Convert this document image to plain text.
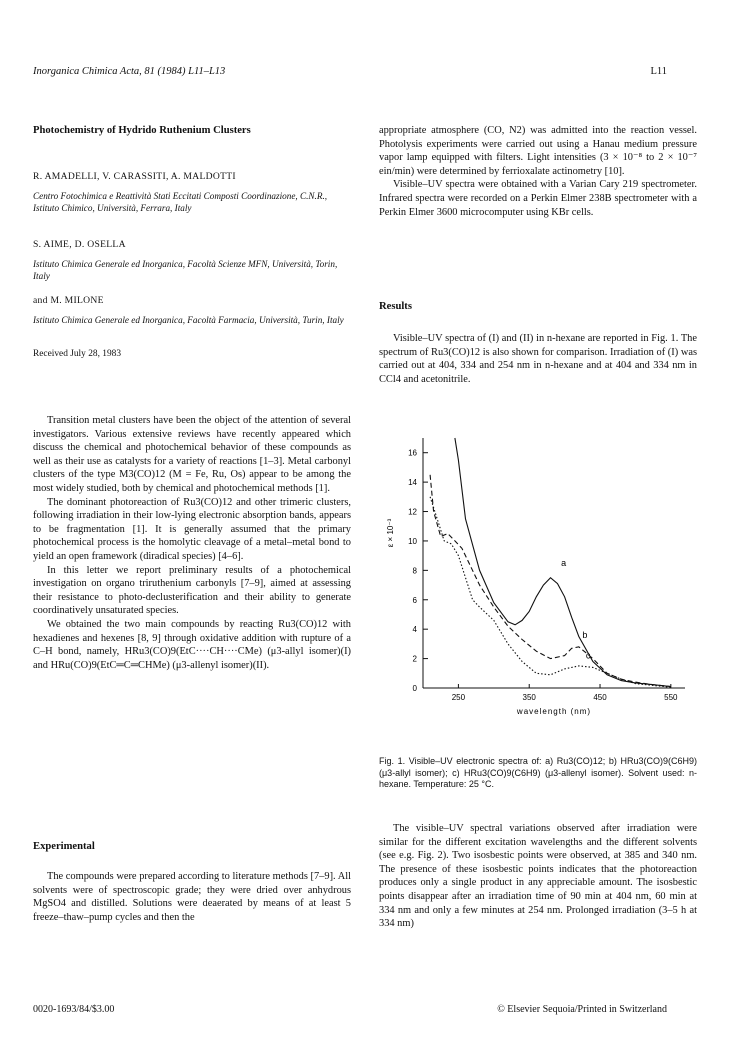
Inorganica Chimica Acta, 81 (1984) L11–L13	L11
Photochemistry of Hydrido Ruthenium Clusters
R. AMADELLI, V. CARASSITI, A. MALDOTTI
Centro Fotochimica e Reattività Stati Eccitati Composti Coordinazione, C.N.R., Istituto Chimico, Università, Ferrara, Italy
S. AIME, D. OSELLA
Istituto Chimica Generale ed Inorganica, Facoltà Scienze MFN, Università, Torin, Italy
and M. MILONE
Istituto Chimica Generale ed Inorganica, Facoltà Farmacia, Università, Turin, Italy
Received July 28, 1983

Transition metal clusters have been the object of the attention of several investigators. Various extensive reviews have recently appeared which discuss the chemical and photochemical behavior of these compounds as well as their use as catalysts for a variety of reactions [1–3]. Metal carbonyl clusters of the type M3(CO)12 (M = Fe, Ru, Os) appear to be among the most widely studied, both by chemical and photochemical methods [1].

The dominant photoreaction of Ru3(CO)12 and other trimeric clusters, following irradiation in their low-lying electronic absorption bands, appears to be fragmentation [1]. It is generally assumed that the primary photochemical process is the homolytic cleavage of a metal–metal bond to yield an open framework (diradical species) [4–6].

In this letter we report preliminary results of a photochemical investigation on organo triruthenium carbonyls [7–9], aimed at assessing their resistance to photo-declusterification and their ability to generate coordinatively unsaturated species.

We obtained the two main compounds by reacting Ru3(CO)12 with hexadienes and hexenes [8, 9] through oxidative addition with rupture of a C–H bond, namely, HRu3(CO)9(EtC····CH····CMe) (μ3-allyl isomer)(I) and HRu(CO)9(EtC═C═CHMe) (μ3-allenyl isomer)(II).

Experimental

The compounds were prepared according to literature methods [7–9]. All solvents were of spectroscopic grade; they were dried over anhydrous MgSO4 and distilled. Solutions were deaerated by means of at least 5 freeze–thaw–pump cycles and then the

appropriate atmosphere (CO, N2) was admitted into the reaction vessel. Photolysis experiments were carried out using a Hanau medium pressure vapor lamp equipped with filters. Light intensities (3 × 10⁻⁸ to 2 × 10⁻⁷ ein/min) were determined by ferrioxalate actinometry [10].

Visible–UV spectra were obtained with a Varian Cary 219 spectrometer. Infrared spectra were recorded on a Perkin Elmer 238B spectrometer with a Perkin Elmer 3600 microcomputer using KBr cells.

Results

Visible–UV spectra of (I) and (II) in n-hexane are reported in Fig. 1. The spectrum of Ru3(CO)12 is also shown for comparison. Irradiation of (I) was carried out at 404, 334 and 254 nm in n-hexane and at 404 and 334 nm in CCl4 and acetonitrile.

0
2
4
6
8
10
12
14
16
250	350	450	550
wavelength (nm)
ε × 10⁻³
a
b
c
Fig. 1. Visible–UV electronic spectra of: a) Ru3(CO)12; b) HRu3(CO)9(C6H9) (μ3-allyl isomer); c) HRu3(CO)9(C6H9) (μ3-allenyl isomer). Solvent used: n-hexane. Temperature: 25 °C.

The visible–UV spectral variations observed after irradiation were similar for the different excitation wavelengths and the different solvents (see e.g. Fig. 2). Two isosbestic points were observed, at 385 and 340 nm. The presence of these isosbestic points indicates that the photoreaction produces only a single product in any appreciable amount. The isosbestic points disappear after an irradiation time of 90 min at 404 nm, 60 min at 334 nm and only a few minutes at 254 nm. Prolonged irradiation (3–5 h at 334 nm)

0020-1693/84/$3.00	© Elsevier Sequoia/Printed in Switzerland
